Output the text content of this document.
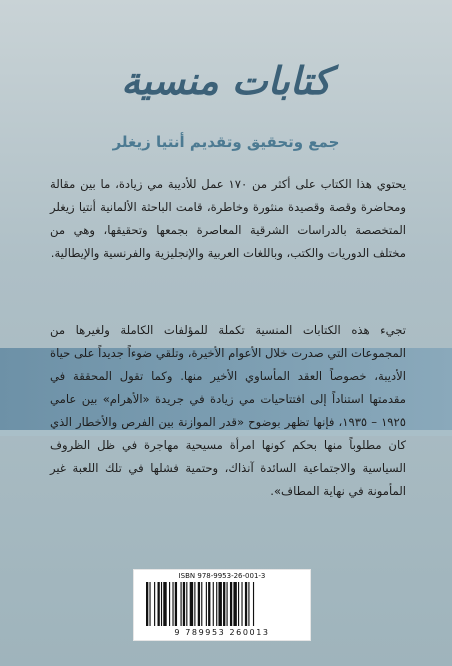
كتابات منسية
جمع وتحقيق وتقديم أنتيا زيغلر
يحتوي هذا الكتاب على أكثر من ١٧٠ عمل للأديبة مي زيادة، ما بين مقالة ومحاضرة وقصة وقصيدة منثورة وخاطرة، قامت الباحثة الألمانية أنتيا زيغلر المتخصصة بالدراسات الشرقية المعاصرة بجمعها وتحقيقها، وهي من مختلف الدوريات والكتب، وباللغات العربية والإنجليزية والفرنسية والإيطالية.
تجيء هذه الكتابات المنسية تكملة للمؤلفات الكاملة ولغيرها من المجموعات التي صدرت خلال الأعوام الأخيرة، وتلقي ضوءاً جديداً على حياة الأديبة، خصوصاً العقد المأساوي الأخير منها. وكما تقول المحققة في مقدمتها استناداً إلى افتتاحيات مي زيادة في جريدة «الأهرام» بين عامي ١٩٢٥ – ١٩٣٥، فإنها تظهر بوضوح «قدر الموازنة بين الفرص والأخطار الذي كان مطلوباً منها بحكم كونها امرأة مسيحية مهاجرة في ظل الظروف السياسية والاجتماعية السائدة آنذاك، وحتمية فشلها في تلك اللعبة غير المأمونة في نهاية المطاف».
ISBN 978-9953-26-001-3
9 789953 260013
